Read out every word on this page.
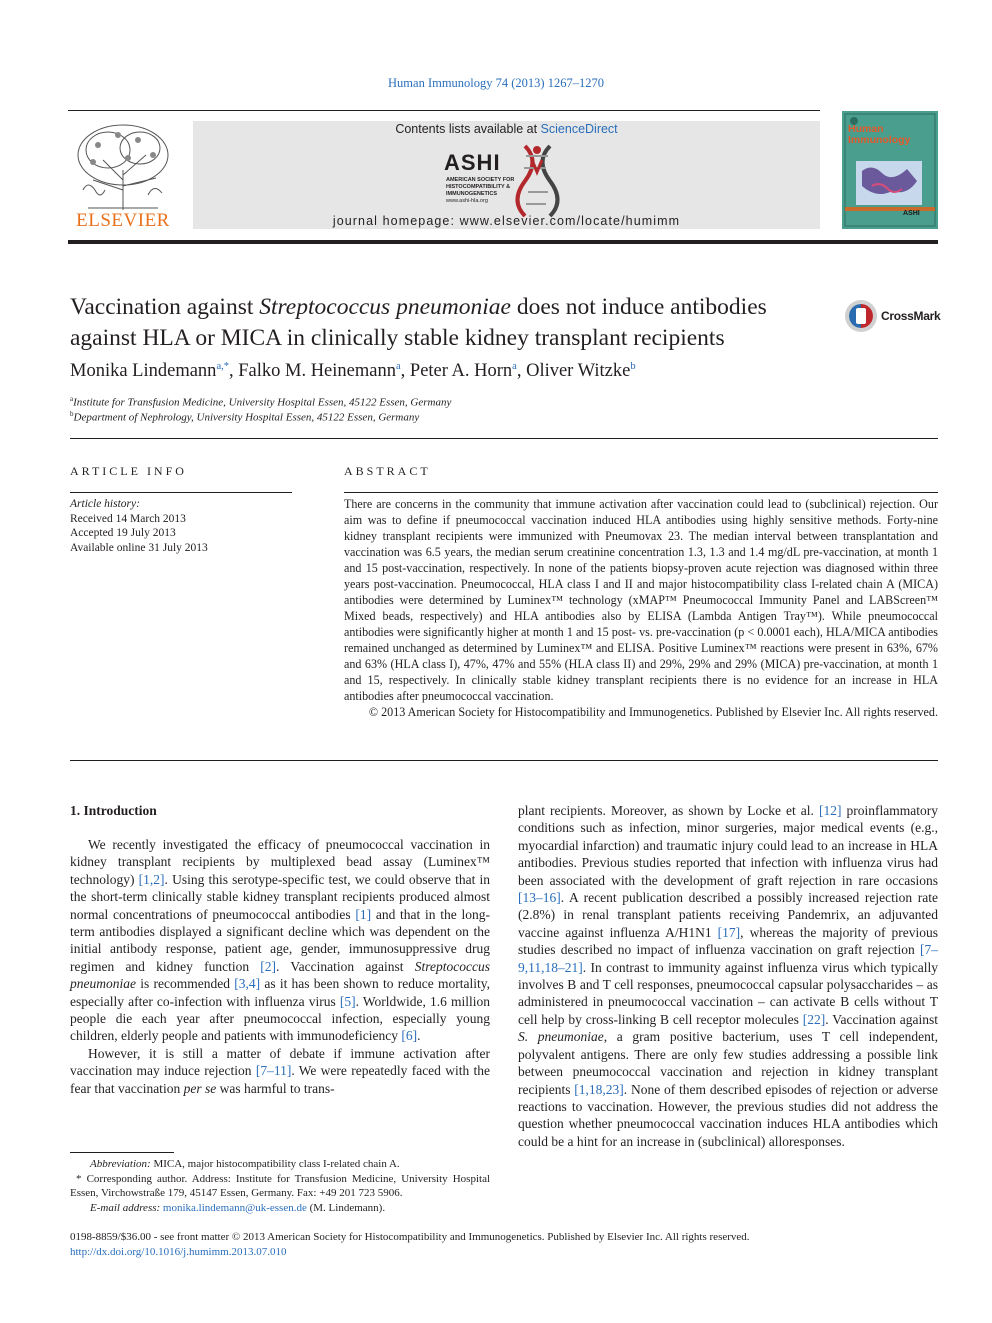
Human Immunology 74 (2013) 1267–1270
ELSEVIER
Contents lists available at ScienceDirect
ASHI
AMERICAN SOCIETY FOR
HISTOCOMPATIBILITY &
IMMUNOGENETICS
www.ashi-hla.org
journal homepage: www.elsevier.com/locate/humimm
Human Immunology
ASHI
Vaccination against Streptococcus pneumoniae does not induce antibodies against HLA or MICA in clinically stable kidney transplant recipients
CrossMark
Monika Lindemann$^{a,*}$, Falko M. Heinemann$^a$, Peter A. Horn$^a$, Oliver Witzke$^b$
$^a$Institute for Transfusion Medicine, University Hospital Essen, 45122 Essen, Germany
$^b$Department of Nephrology, University Hospital Essen, 45122 Essen, Germany
ARTICLE INFO
Article history:
Received 14 March 2013
Accepted 19 July 2013
Available online 31 July 2013
ABSTRACT
There are concerns in the community that immune activation after vaccination could lead to (subclinical) rejection. Our aim was to define if pneumococcal vaccination induced HLA antibodies using highly sensitive methods. Forty-nine kidney transplant recipients were immunized with Pneumovax 23. The median interval between transplantation and vaccination was 6.5 years, the median serum creatinine concentration 1.3, 1.3 and 1.4 mg/dL pre-vaccination, at month 1 and 15 post-vaccination, respectively. In none of the patients biopsy-proven acute rejection was diagnosed within three years post-vaccination. Pneumococcal, HLA class I and II and major histocompatibility class I-related chain A (MICA) antibodies were determined by Luminex™ technology (xMAP™ Pneumococcal Immunity Panel and LABScreen™ Mixed beads, respectively) and HLA antibodies also by ELISA (Lambda Antigen Tray™). While pneumococcal antibodies were significantly higher at month 1 and 15 post- vs. pre-vaccination (p < 0.0001 each), HLA/MICA antibodies remained unchanged as determined by Luminex™ and ELISA. Positive Luminex™ reactions were present in 63%, 67% and 63% (HLA class I), 47%, 47% and 55% (HLA class II) and 29%, 29% and 29% (MICA) pre-vaccination, at month 1 and 15, respectively. In clinically stable kidney transplant recipients there is no evidence for an increase in HLA antibodies after pneumococcal vaccination.
© 2013 American Society for Histocompatibility and Immunogenetics. Published by Elsevier Inc. All rights reserved.
1. Introduction

We recently investigated the efficacy of pneumococcal vaccination in kidney transplant recipients by multiplexed bead assay (Luminex™ technology) [1,2]. Using this serotype-specific test, we could observe that in the short-term clinically stable kidney transplant recipients produced almost normal concentrations of pneumococcal antibodies [1] and that in the long-term antibodies displayed a significant decline which was dependent on the initial antibody response, patient age, gender, immunosuppressive drug regimen and kidney function [2]. Vaccination against Streptococcus pneumoniae is recommended [3,4] as it has been shown to reduce mortality, especially after co-infection with influenza virus [5]. Worldwide, 1.6 million people die each year after pneumococcal infection, especially young children, elderly people and patients with immunodeficiency [6].

However, it is still a matter of debate if immune activation after vaccination may induce rejection [7–11]. We were repeatedly faced with the fear that vaccination per se was harmful to trans-

plant recipients. Moreover, as shown by Locke et al. [12] proinflammatory conditions such as infection, minor surgeries, major medical events (e.g., myocardial infarction) and traumatic injury could lead to an increase in HLA antibodies. Previous studies reported that infection with influenza virus had been associated with the development of graft rejection in rare occasions [13–16]. A recent publication described a possibly increased rejection rate (2.8%) in renal transplant patients receiving Pandemrix, an adjuvanted vaccine against influenza A/H1N1 [17], whereas the majority of previous studies described no impact of influenza vaccination on graft rejection [7–9,11,18–21]. In contrast to immunity against influenza virus which typically involves B and T cell responses, pneumococcal capsular polysaccharides – as administered in pneumococcal vaccination – can activate B cells without T cell help by cross-linking B cell receptor molecules [22]. Vaccination against S. pneumoniae, a gram positive bacterium, uses T cell independent, polyvalent antigens. There are only few studies addressing a possible link between pneumococcal vaccination and rejection in kidney transplant recipients [1,18,23]. None of them described episodes of rejection or adverse reactions to vaccination. However, the previous studies did not address the question whether pneumococcal vaccination induces HLA antibodies which could be a hint for an increase in (subclinical) alloresponses.

Abbreviation: MICA, major histocompatibility class I-related chain A.
* Corresponding author. Address: Institute for Transfusion Medicine, University Hospital Essen, Virchowstraße 179, 45147 Essen, Germany. Fax: +49 201 723 5906.
E-mail address: monika.lindemann@uk-essen.de (M. Lindemann).
0198-8859/$36.00 - see front matter © 2013 American Society for Histocompatibility and Immunogenetics. Published by Elsevier Inc. All rights reserved.
http://dx.doi.org/10.1016/j.humimm.2013.07.010
